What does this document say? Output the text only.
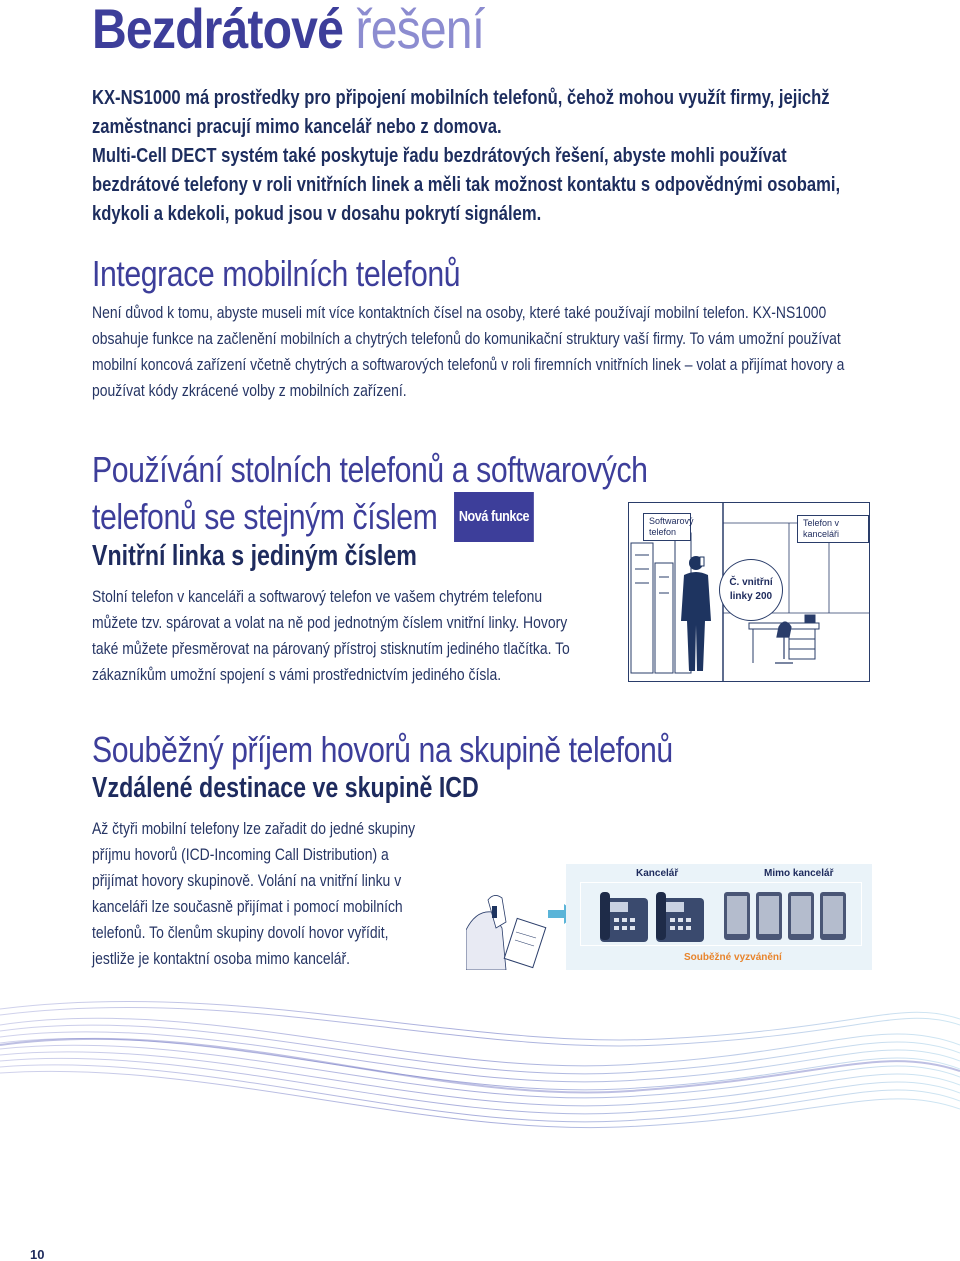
Bezdrátové řešení
KX-NS1000 má prostředky pro připojení mobilních telefonů, čehož mohou využít firmy, jejichž zaměstnanci pracují mimo kancelář nebo z domova.
Multi-Cell DECT systém také poskytuje řadu bezdrátových řešení, abyste mohli používat bezdrátové telefony v roli vnitřních linek a měli tak možnost kontaktu s odpovědnými osobami, kdykoli a kdekoli, pokud jsou v dosahu pokrytí signálem.
Integrace mobilních telefonů
Není důvod k tomu, abyste museli mít více kontaktních čísel na osoby, které také používají mobilní telefon. KX-NS1000 obsahuje funkce na začlenění mobilních a chytrých telefonů do komunikační struktury vaší firmy. To vám umožní používat mobilní koncová zařízení včetně chytrých a softwarových telefonů v roli firemních vnitřních linek – volat a přijímat hovory a používat kódy zkrácené volby z mobilních zařízení.
Používání stolních telefonů a softwarových
telefonů se stejným číslem Nová funkce
Vnitřní linka s jediným číslem
Stolní telefon v kanceláři a softwarový telefon ve vašem chytrém telefonu můžete tzv. spárovat a volat na ně pod jednotným číslem vnitřní linky. Hovory také můžete přesměrovat na párovaný přístroj stisknutím jediného tlačítka. To zákazníkům umožní spojení s vámi prostřednictvím jediného čísla.
Softwarový telefon
Telefon v kanceláři
Č. vnitřní
linky 200
Souběžný příjem hovorů na skupině telefonů
Vzdálené destinace ve skupině ICD
Až čtyři mobilní telefony lze zařadit do jedné skupiny příjmu hovorů (ICD-Incoming Call Distribution) a přijímat hovory skupinově. Volání na vnitřní linku v kanceláři lze současně přijímat i pomocí mobilních telefonů. To členům skupiny dovolí hovor vyřídit, jestliže je kontaktní osoba mimo kancelář.
Kancelář	Mimo kancelář
Souběžné vyzvánění
10
